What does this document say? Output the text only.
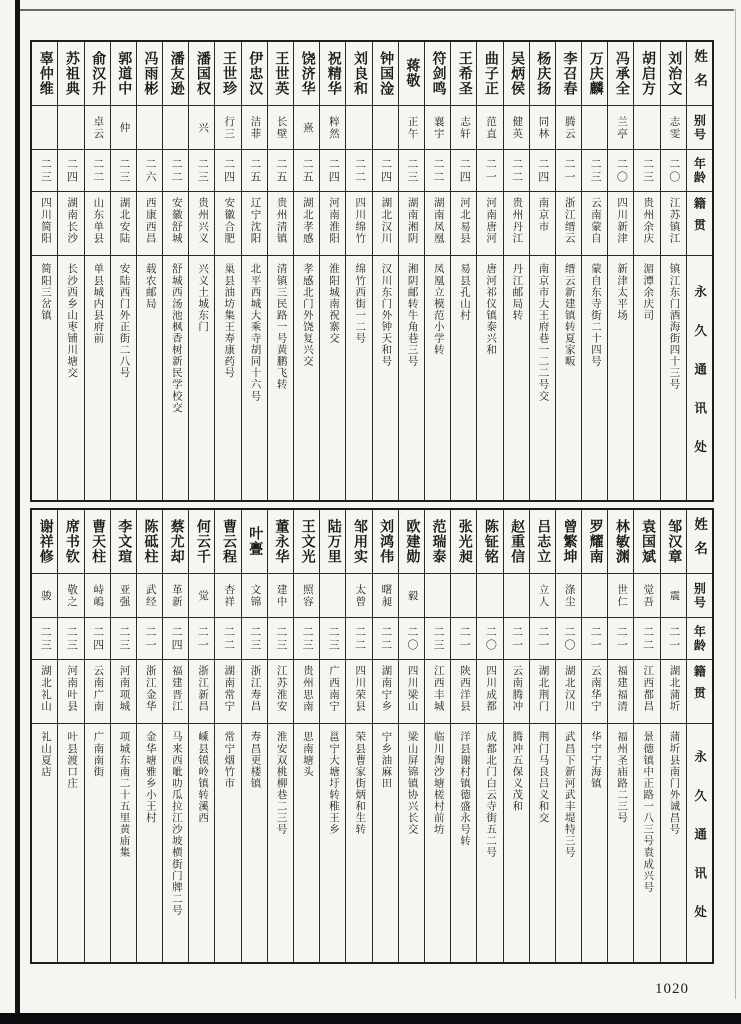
姓名
别号
年龄
籍贯
永久通讯处
刘治文
志雯
二〇
江苏镇江
镇江东门酒海街四十三号
胡启方
二三
贵州余庆
湄潭余庆司
冯承全
兰亭
二〇
四川新津
新津太平场
万庆麟
二三
云南蒙自
蒙自东寺街二十四号
李召春
腾云
二一
浙江缙云
缙云新建镇转夏家畈
杨庆扬
同林
二四
南京市
南京市大王府巷一二二号交
吴炳侯
健英
二二
贵州丹江
丹江邮局转
曲子正
范直
二一
河南唐河
唐河祁仪镇泰兴和
王希圣
志轩
二四
河北易县
易县孔山村
符剑鸣
襄宇
二二
湖南凤凰
凤凰立模范小学转
蒋敬
正午
二三
湖南湘阴
湘阴邮转牛角巷三号
钟国淦
二四
湖北汉川
汉川东门外钟天和号
刘良和
二二
四川绵竹
绵竹西街一二号
祝精华
粹然
二四
河南淮阳
淮阳城南祝寨交
饶济华
熹
二五
湖北孝感
孝感北门外饶复兴交
王世英
长壁
二五
贵州清镇
清镇三民路一号黄鹏飞转
伊忠汉
洁菲
二五
辽宁沈阳
北平西城大乘寺胡同十六号
王世珍
行三
二四
安徽合肥
巢县油坊集王寿康药号
潘国权
兴
二三
贵州兴义
兴义土城东门
潘友逊
二二
安徽舒城
舒城西汤池枫香树新民学校交
冯雨彬
二六
西康西昌
载农邮局
郭道中
仲
二三
湖北安陆
安陆西门外正街二八号
俞汉升
卓云
二二
山东单县
单县城内县府前
苏祖典
二四
湖南长沙
长沙西乡山枣铺川塘交
辜仲维
二三
四川简阳
简阳三岔镇
姓名
别号
年龄
籍贯
永久通讯处
邹汉章
震
二一
湖北蒲圻
蒲圻县南门外诚昌号
袁国斌
觉吾
二二
江西都昌
景德镇中正路一八三号袁成兴号
林敏渊
世仁
二一
福建福清
福州圣庙路二三号
罗耀南
二一
云南华宁
华宁宁海镇
曾繁坤
涤尘
二〇
湖北汉川
武昌下新河武丰堤特三号
吕志立
立人
二一
湖北荆门
荆门马良吕义和交
赵重信
二一
云南腾冲
腾冲五保义茂和
陈钲铭
二〇
四川成都
成都北门白云寺街五二号
张光昶
二一
陕西洋县
洋县谢村镇德盛永号转
范瑞泰
二三
江西丰城
临川淘沙塘槎村前坊
欧建勋
毅
二〇
四川梁山
梁山屏锦镇协兴长交
刘鸿伟
曙昶
二二
湖南宁乡
宁乡油麻田
邹用实
太曾
二二
四川荣县
荣县曹家街炳和生转
陆万里
二三
广西南宁
邕宁大塘圩转稚王乡
王文光
照容
二三
贵州思南
思南塘头
董永华
建中
二三
江苏淮安
淮安双桃柳巷二三号
叶亹
文锦
二三
浙江寿昌
寿昌更楼镇
曹云程
杏祥
二二
湖南常宁
常宁烟竹市
何云千
觉
二一
浙江新昌
嵊县镆岭镇转溪西
蔡尤却
革新
二四
福建晋江
马来西呲叻瓜拉江沙坡横街门牌二号
陈砥柱
武经
二一
浙江金华
金华塘雅乡小王村
李文瑄
亚强
二三
河南项城
项城东南二十五里黄庙集
曹天柱
峙嵨
二四
云南广南
广南南街
席书钦
敬之
二三
河南叶县
叶县渡口庄
谢祥修
骏
二三
湖北礼山
礼山夏店
1020
